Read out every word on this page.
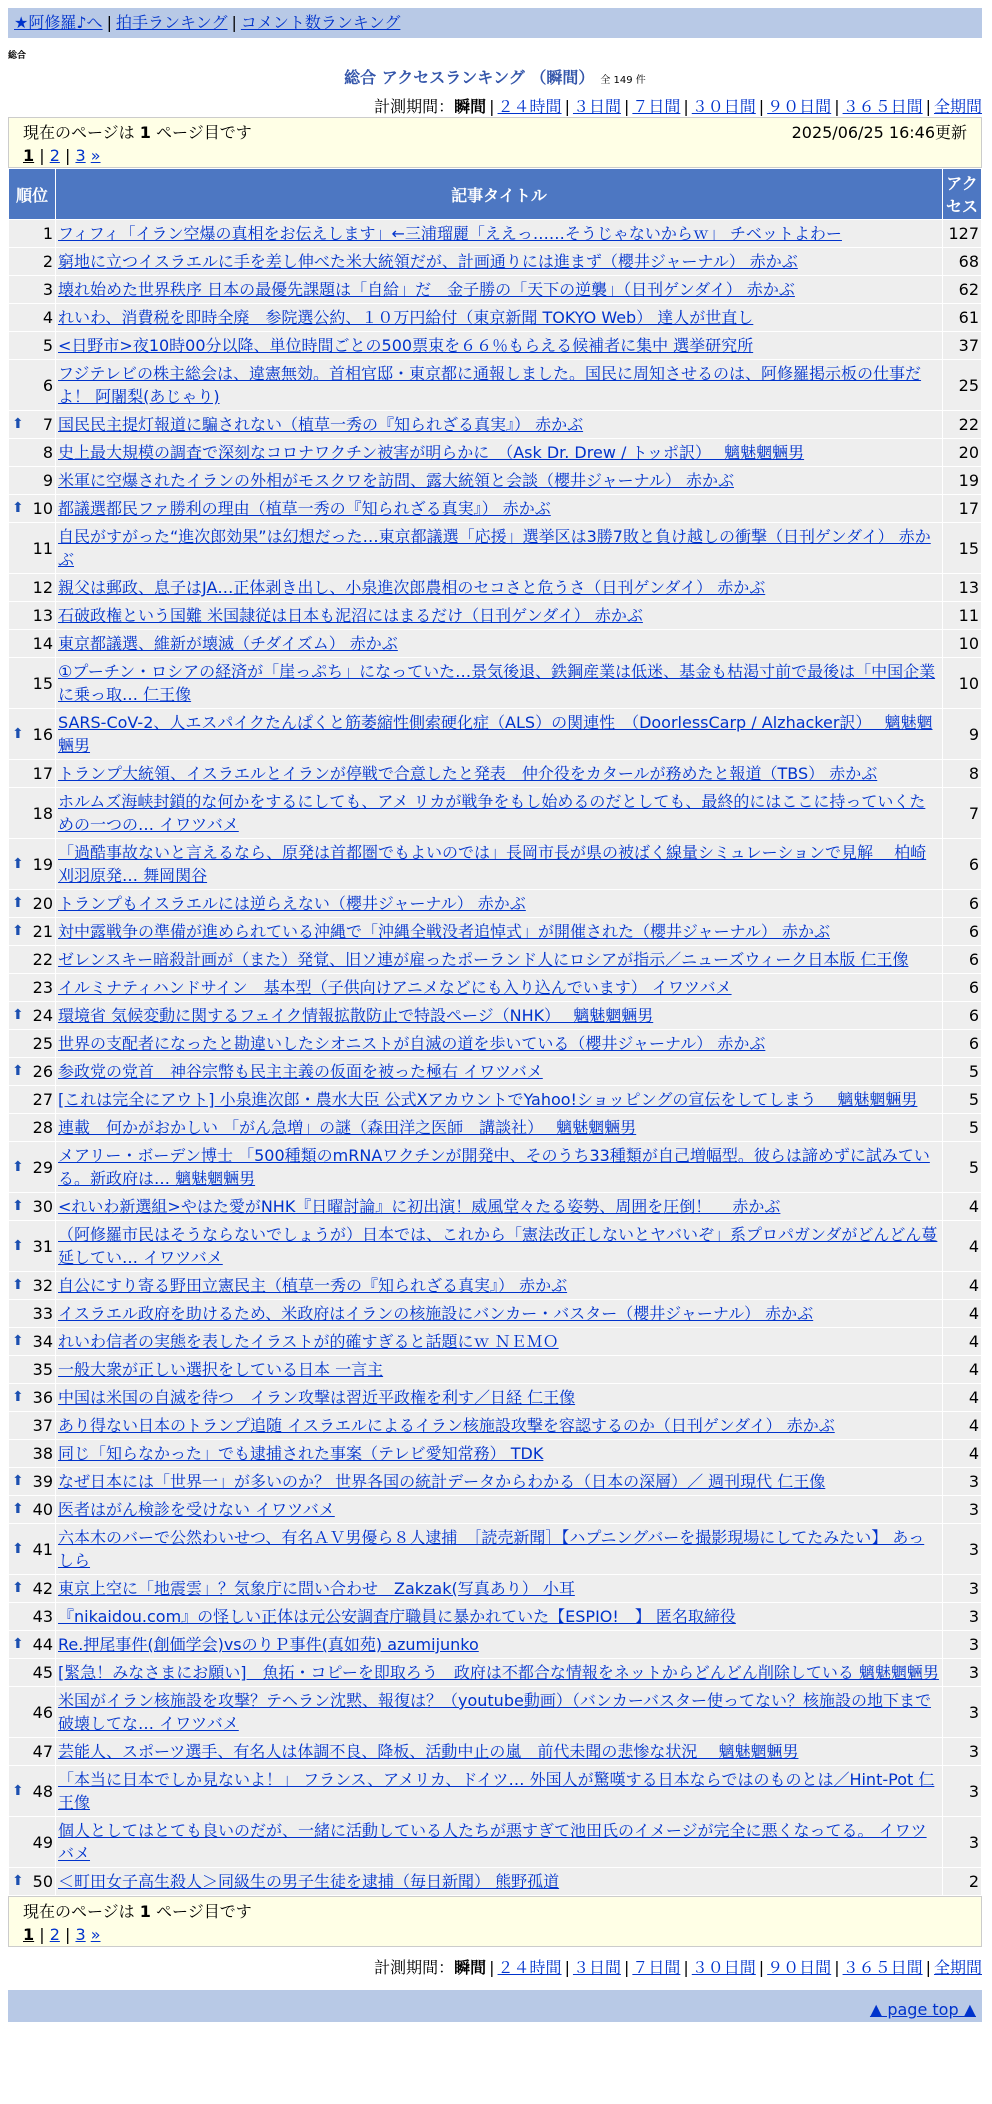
★阿修羅♪へ | 拍手ランキング | コメント数ランキング
総合
総合 アクセスランキング （瞬間） 全 149 件
計測期間：瞬間 | ２４時間 | ３日間 | ７日間 | ３０日間 | ９０日間 | ３６５日間 | 全期間
現在のページは 1 ページ目です	2025/06/25 16:46更新
1 | 2 | 3 »
順位	記事タイトル	アクセス
1	フィフィ「イラン空爆の真相をお伝えします」←三浦瑠麗「ええっ……そうじゃないからｗ」 チベットよわー	127
2	窮地に立つイスラエルに手を差し伸べた米大統領だが、計画通りには進まず（櫻井ジャーナル） 赤かぶ	68
3	壊れ始めた世界秩序 日本の最優先課題は「自給」だ　金子勝の「天下の逆襲」（日刊ゲンダイ） 赤かぶ	62
4	れいわ、消費税を即時全廃　参院選公約、１０万円給付（東京新聞 TOKYO Web） 達人が世直し	61
5	<日野市>夜10時00分以降、単位時間ごとの500票束を６６％もらえる候補者に集中 選挙研究所	37
6	フジテレビの株主総会は、違憲無効。首相官邸・東京都に通報しました。国民に周知させるのは、阿修羅掲示板の仕事だよ！ 阿闍梨(あじゃり)	25

⬆ 7	国民民主提灯報道に騙されない（植草一秀の『知られざる真実』） 赤かぶ	22
8	史上最大規模の調査で深刻なコロナワクチン被害が明らかに　（Ask Dr. Drew / トッポ訳）　 魑魅魍魎男	20
9	米軍に空爆されたイランの外相がモスクワを訪問、露大統領と会談（櫻井ジャーナル） 赤かぶ	19

⬆ 10	都議選都民ファ勝利の理由（植草一秀の『知られざる真実』） 赤かぶ	17
11	自民がすがった“進次郎効果”は幻想だった…東京都議選「応援」選挙区は3勝7敗と負け越しの衝撃（日刊ゲンダイ） 赤かぶ	15
12	親父は郵政、息子はJA…正体剥き出し、小泉進次郎農相のセコさと危うさ（日刊ゲンダイ） 赤かぶ	13
13	石破政権という国難 米国隷従は日本も泥沼にはまるだけ（日刊ゲンダイ） 赤かぶ	11
14	東京都議選、維新が壊滅（チダイズム） 赤かぶ	10
15	①プーチン・ロシアの経済が「崖っぷち」になっていた…景気後退、鉄鋼産業は低迷、基金も枯渇寸前で最後は「中国企業に乗っ取… 仁王像	10

⬆ 16	SARS-CoV-2、人エスパイクたんぱくと筋萎縮性側索硬化症（ALS）の関連性　（DoorlessCarp / Alzhacker訳）　 魑魅魍魎男	9
17	トランプ大統領、イスラエルとイランが停戦で合意したと発表　仲介役をカタールが務めたと報道（TBS） 赤かぶ	8
18	ホルムズ海峡封鎖的な何かをするにしても、アメ リカが戦争をもし始めるのだとしても、最終的にはここに持っていくための一つの… イワツバメ	7

⬆ 19	「過酷事故ないと言えるなら、原発は首都圏でもよいのでは」長岡市長が県の被ばく線量シミュレーションで見解　 柏崎刈羽原発… 舞岡関谷	6

⬆ 20	トランプもイスラエルには逆らえない（櫻井ジャーナル） 赤かぶ	6

⬆ 21	対中露戦争の準備が進められている沖縄で「沖縄全戦没者追悼式」が開催された（櫻井ジャーナル） 赤かぶ	6
22	ゼレンスキー暗殺計画が（また）発覚、旧ソ連が雇ったポーランド人にロシアが指示／ニューズウィーク日本版 仁王像	6
23	イルミナティハンドサイン　基本型（子供向けアニメなどにも入り込んでいます） イワツバメ	6

⬆ 24	環境省 気候変動に関するフェイク情報拡散防止で特設ページ（NHK）　 魑魅魍魎男	6
25	世界の支配者になったと勘違いしたシオニストが自滅の道を歩いている（櫻井ジャーナル） 赤かぶ	6

⬆ 26	参政党の党首　神谷宗幣も民主主義の仮面を被った極右 イワツバメ	5
27	[これは完全にアウト] 小泉進次郎・農水大臣 公式XアカウントでYahoo!ショッピングの宣伝をしてしまう　 魑魅魍魎男	5
28	連載　何かがおかしい 「がん急増」の謎（森田洋之医師　講談社）　 魑魅魍魎男	5

⬆ 29	メアリー・ボーデン博士 「500種類のmRNAワクチンが開発中、そのうち33種類が自己増幅型。彼らは諦めずに試みている。新政府は… 魑魅魍魎男	5

⬆ 30	<れいわ新選組>やはた愛がNHK『日曜討論』に初出演！威風堂々たる姿勢、周囲を圧倒！　 赤かぶ	4

⬆ 31	（阿修羅市民はそうならないでしょうが）日本では、これから「憲法改正しないとヤバいぞ」系プロパガンダがどんどん蔓延してい… イワツバメ	4

⬆ 32	自公にすり寄る野田立憲民主（植草一秀の『知られざる真実』） 赤かぶ	4
33	イスラエル政府を助けるため、米政府はイランの核施設にバンカー・バスター（櫻井ジャーナル） 赤かぶ	4

⬆ 34	れいわ信者の実態を表したイラストが的確すぎると話題にｗ ＮＥＭＯ	4
35	一般大衆が正しい選択をしている日本 一言主	4

⬆ 36	中国は米国の自滅を待つ　イラン攻撃は習近平政権を利す／日経 仁王像	4
37	あり得ない日本のトランプ追随 イスラエルによるイラン核施設攻撃を容認するのか（日刊ゲンダイ） 赤かぶ	4
38	同じ「知らなかった」でも逮捕された事案（テレビ愛知常務） TDK	4

⬆ 39	なぜ日本には「世界一」が多いのか？ 世界各国の統計データからわかる（日本の深層）／ 週刊現代 仁王像	3

⬆ 40	医者はがん検診を受けない イワツバメ	3

⬆ 41	六本木のバーで公然わいせつ、有名ＡＶ男優ら８人逮捕　［読売新聞］【ハプニングバーを撮影現場にしてたみたい】 あっしら	3

⬆ 42	東京上空に「地震雲」？気象庁に問い合わせ　Zakzak(写真あり） 小耳	3
43	『nikaidou.com』の怪しい正体は元公安調査庁職員に暴かれていた【ESPIO!　】 匿名取締役	3

⬆ 44	Re.押尾事件(創価学会)vsのりＰ事件(真如苑) azumijunko	3
45	[緊急！みなさまにお願い]　魚拓・コピーを即取ろう　政府は不都合な情報をネットからどんどん削除している 魑魅魍魎男	3
46	米国がイラン核施設を攻撃？テヘラン沈黙、報復は？（youtube動画）（バンカーバスター使ってない？核施設の地下まで破壊してな… イワツバメ	3
47	芸能人、スポーツ選手、有名人は体調不良、降板、活動中止の嵐　前代未聞の悲惨な状況　 魑魅魍魎男	3

⬆ 48	「本当に日本でしか見ないよ！」 フランス、アメリカ、ドイツ… 外国人が驚嘆する日本ならではのものとは／Hint-Pot 仁王像	3
49	個人としてはとても良いのだが、一緒に活動している人たちが悪すぎて池田氏のイメージが完全に悪くなってる。 イワツバメ	3

⬆ 50	＜町田女子高生殺人＞同級生の男子生徒を逮捕（毎日新聞） 熊野孤道	2
現在のページは 1 ページ目です
1 | 2 | 3 »
計測期間：瞬間 | ２４時間 | ３日間 | ７日間 | ３０日間 | ９０日間 | ３６５日間 | 全期間
▲ page top ▲
